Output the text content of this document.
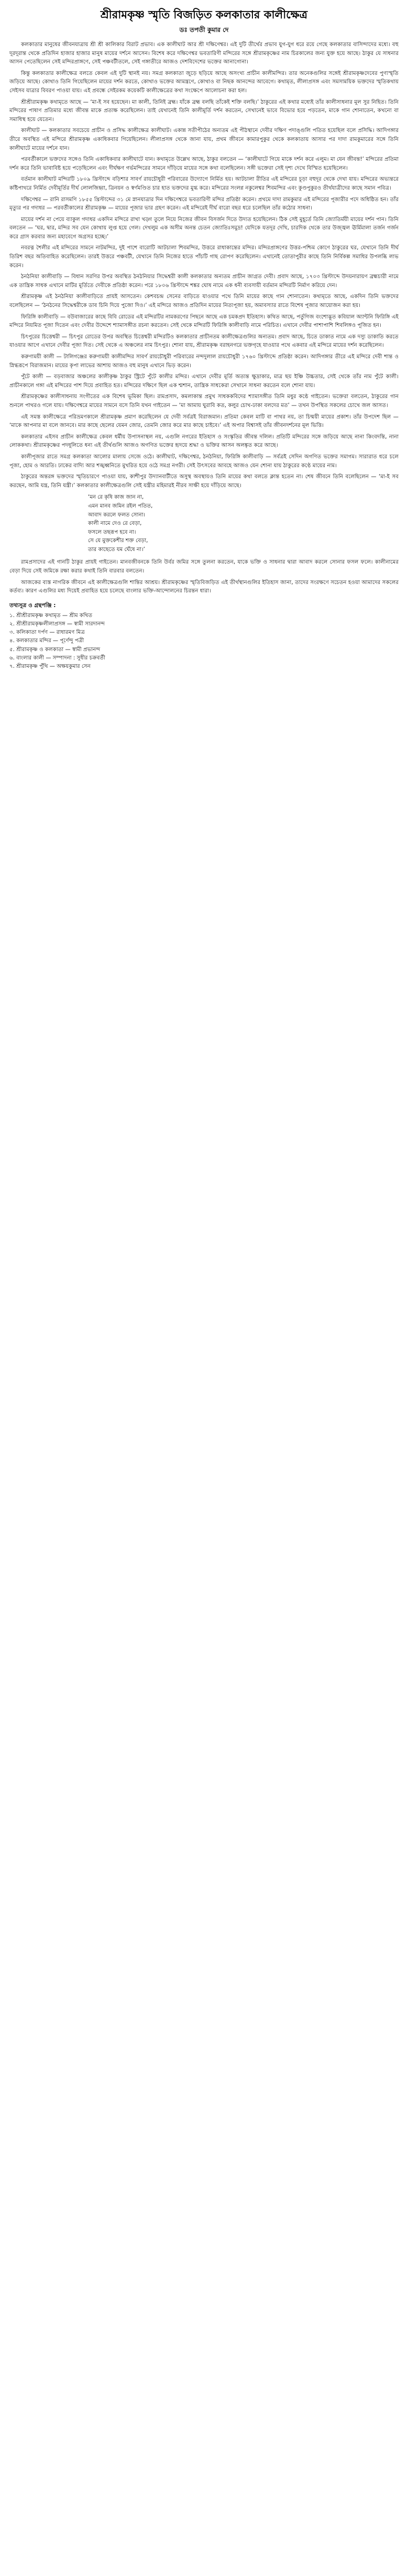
শ্রীরামকৃষ্ণ স্মৃতি বিজড়িত কলকাতার কালীক্ষেত্র
ডঃ তপতী কুমার দে

কলকাতার মানুষের জীবনযাত্রায় শ্রী শ্রী কালিকার বিরাট প্রভাব। এক কালীঘাট আর শ্রী দক্ষিণেশ্বর। এই দুটি তীর্থের প্রভাব যুগ-যুগ ধরে রয়ে গেছে কলকাতার বাসিন্দাদের মধ্যে। বহু দূরদূরান্ত থেকে প্রতিদিন হাজার হাজার মানুষ মায়ের দর্শনে আসেন। বিশেষ করে দক্ষিণেশ্বর ভবতারিণী মন্দিরের সঙ্গে শ্রীরামকৃষ্ণের নাম চিরকালের জন্য যুক্ত হয়ে আছে। ঠাকুর যে সাধনার আসন পেতেছিলেন সেই মন্দিরপ্রাঙ্গণে, সেই পঞ্চবটীতলে, সেই গঙ্গাতীরে আজও দেশবিদেশের ভক্তের আনাগোনা।

কিন্তু কলকাতার কালীক্ষেত্র বলতে কেবল এই দুটি স্থানই নয়। সমগ্র কলকাতা জুড়ে ছড়িয়ে আছে অসংখ্য প্রাচীন কালীমন্দির। তার অনেকগুলির সঙ্গেই শ্রীরামকৃষ্ণদেবের পুণ্যস্মৃতি জড়িয়ে আছে। কোথাও তিনি গিয়েছিলেন মায়ের দর্শন করতে, কোথাও ভক্তের আমন্ত্রণে, কোথাও বা নিছক আনন্দের আবেগে। কথামৃত, লীলাপ্রসঙ্গ এবং সমসাময়িক ভক্তদের স্মৃতিকথায় সেইসব যাত্রার বিবরণ পাওয়া যায়। এই প্রবন্ধে সেইরকম কয়েকটি কালীক্ষেত্রের কথা সংক্ষেপে আলোচনা করা হল।

শ্রীশ্রীরামকৃষ্ণ কথামৃতে আছে — ‘মা-ই সব হয়েছেন। মা কালী, তিনিই ব্রহ্ম। যাঁকে ব্রহ্ম বলছি তাঁকেই শক্তি বলছি।’ ঠাকুরের এই কথার মধ্যেই তাঁর কালীসাধনার মূল সুর নিহিত। তিনি মন্দিরের পাষাণ প্রতিমার মধ্যে জীবন্ত মাকে প্রত্যক্ষ করেছিলেন। তাই যেখানেই তিনি কালীমূর্তি দর্শন করতেন, সেখানেই ভাবে বিভোর হয়ে পড়তেন, মাকে গান শোনাতেন, কখনো বা সমাধিস্থ হয়ে যেতেন।

কালীঘাট — কলকাতার সবচেয়ে প্রাচীন ও প্রসিদ্ধ কালীক্ষেত্র কালীঘাট। একান্ন সতীপীঠের অন্যতম এই পীঠস্থানে দেবীর দক্ষিণ পদাঙ্গুলি পতিত হয়েছিল বলে প্রসিদ্ধি। আদিগঙ্গার তীরে অবস্থিত এই মন্দিরে শ্রীরামকৃষ্ণ একাধিকবার গিয়েছিলেন। লীলাপ্রসঙ্গ থেকে জানা যায়, প্রথম জীবনে কামারপুকুর থেকে কলকাতায় আসার পর দাদা রামকুমারের সঙ্গে তিনি কালীঘাটে মায়ের দর্শনে যান।

পরবর্তীকালে ভক্তদের সঙ্গেও তিনি একাধিকবার কালীঘাটে যান। কথামৃতে উল্লেখ আছে, ঠাকুর বলতেন — ‘কালীঘাটে গিয়ে মাকে দর্শন করে এলুম। মা যেন জীবন্ত!’ মন্দিরের প্রতিমা দর্শন করে তিনি ভাবাবিষ্ট হয়ে পড়েছিলেন এবং দীর্ঘক্ষণ গর্ভমন্দিরের সামনে দাঁড়িয়ে মায়ের সঙ্গে কথা বলেছিলেন। সঙ্গী ভক্তেরা সেই দৃশ্য দেখে বিস্মিত হয়েছিলেন।

বর্তমান কালীঘাট মন্দিরটি ১৮০৯ খ্রিস্টাব্দে বড়িশার সাবর্ণ রায়চৌধুরী পরিবারের উদ্যোগে নির্মিত হয়। আটচালা রীতির এই মন্দিরের চূড়া বহুদূর থেকে দেখা যায়। মন্দিরের অভ্যন্তরে কষ্টিপাথরে নির্মিত দেবীমূর্তির দীর্ঘ লোলজিহ্বা, ত্রিনয়ন ও স্বর্ণমণ্ডিত চার হাত ভক্তদের মুগ্ধ করে। মন্দিরের সংলগ্ন নকুলেশ্বর শিবমন্দির এবং কুণ্ডপুকুরও তীর্থযাত্রীদের কাছে সমান পবিত্র।

দক্ষিণেশ্বর — রানি রাসমণি ১৮৫৫ খ্রিস্টাব্দের ৩১ মে স্নানযাত্রার দিন দক্ষিণেশ্বরে ভবতারিণী মন্দির প্রতিষ্ঠা করেন। প্রথমে দাদা রামকুমার এই মন্দিরের পূজারীর পদে অধিষ্ঠিত হন। তাঁর মৃত্যুর পর গদাধর — পরবর্তীকালের শ্রীরামকৃষ্ণ — মায়ের পূজার ভার গ্রহণ করেন। এই মন্দিরেই দীর্ঘ বারো বছর ধরে চলেছিল তাঁর কঠোর সাধনা।

মায়ের দর্শন না পেয়ে ব্যাকুল গদাধর একদিন মন্দিরে রাখা খড়্গ তুলে নিয়ে নিজের জীবন বিসর্জন দিতে উদ্যত হয়েছিলেন। ঠিক সেই মুহূর্তে তিনি জ্যোতির্ময়ী মায়ের দর্শন পান। তিনি বলতেন — ‘ঘর, দ্বার, মন্দির সব যেন কোথায় লুপ্ত হয়ে গেল। দেখলুম এক অসীম অনন্ত চেতন জ্যোতিঃসমুদ্র! যেদিকে যতদূর দেখি, চারদিক থেকে তার উজ্জ্বল ঊর্মিমালা তর্জন গর্জন করে গ্রাস করবার জন্য মহাবেগে অগ্রসর হচ্ছে।’

নবরত্ন শৈলীর এই মন্দিরের সামনে নাটমন্দির, দুই পাশে বারোটি আটচালা শিবমন্দির, উত্তরে রাধাকান্তের মন্দির। মন্দিরপ্রাঙ্গণের উত্তর-পশ্চিম কোণে ঠাকুরের ঘর, যেখানে তিনি দীর্ঘ তিরিশ বছর অতিবাহিত করেছিলেন। তারই উত্তরে পঞ্চবটী, যেখানে তিনি নিজের হাতে পাঁচটি গাছ রোপণ করেছিলেন। এখানেই তোতাপুরীর কাছে তিনি নির্বিকল্প সমাধির উপলব্ধি লাভ করেন।

ঠনঠনিয়া কালীবাড়ি — বিধান সরণির উপর অবস্থিত ঠনঠনিয়ার সিদ্ধেশ্বরী কালী কলকাতার অন্যতম প্রাচীন জাগ্রত দেবী। প্রবাদ আছে, ১৭০৩ খ্রিস্টাব্দে উদয়নারায়ণ ব্রহ্মচারী নামে এক তান্ত্রিক সাধক এখানে মাটির মূর্তিতে দেবীকে প্রতিষ্ঠা করেন। পরে ১৮০৬ খ্রিস্টাব্দে শঙ্কর ঘোষ নামে এক ধনী ব্যবসায়ী বর্তমান মন্দিরটি নির্মাণ করিয়ে দেন।

শ্রীরামকৃষ্ণ এই ঠনঠনিয়া কালীবাড়িতে প্রায়ই আসতেন। কেশবচন্দ্র সেনের বাড়িতে যাওয়ার পথে তিনি মায়ের কাছে গান শোনাতেন। কথামৃতে আছে, একদিন তিনি ভক্তদের বলেছিলেন — ‘ঠনঠনের সিদ্ধেশ্বরীকে ডাব চিনি দিয়ে পুজো দিও।’ এই মন্দিরে আজও প্রতিদিন মায়ের নিত্যপূজা হয়, অমাবস্যার রাতে বিশেষ পূজার আয়োজন করা হয়।

ফিরিঙ্গি কালীবাড়ি — বউবাজারের কাছে বিবি রোডের এই মন্দিরটির নামকরণের পিছনে আছে এক চমকপ্রদ ইতিহাস। কথিত আছে, পর্তুগিজ বংশোদ্ভূত কবিয়াল অ্যান্টনি ফিরিঙ্গি এই মন্দিরে নিয়মিত পূজা দিতেন এবং দেবীর উদ্দেশে শ্যামাসঙ্গীত রচনা করতেন। সেই থেকে মন্দিরটি ফিরিঙ্গি কালীবাড়ি নামে পরিচিত। এখানে দেবীর পাশাপাশি শিবলিঙ্গও পূজিত হন।

চিৎপুরের চিত্তেশ্বরী — চিৎপুর রোডের উপর অবস্থিত চিত্তেশ্বরী মন্দিরটিও কলকাতার প্রাচীনতম কালীক্ষেত্রগুলির অন্যতম। প্রবাদ আছে, চিতে ডাকাত নামে এক দস্যু ডাকাতি করতে যাওয়ার আগে এখানে দেবীর পূজা দিত। সেই থেকে এ অঞ্চলের নাম চিৎপুর। শোনা যায়, শ্রীরামকৃষ্ণ বরাহনগরে ভক্তগৃহে যাওয়ার পথে একবার এই মন্দিরে মায়ের দর্শন করেছিলেন।

করুণাময়ী কালী — টালিগঞ্জের করুণাময়ী কালীমন্দির সাবর্ণ রায়চৌধুরী পরিবারের নন্দদুলাল রায়চৌধুরী ১৭৬০ খ্রিস্টাব্দে প্রতিষ্ঠা করেন। আদিগঙ্গার তীরে এই মন্দিরে দেবী শান্ত ও স্নিগ্ধরূপে বিরাজমান। মায়ের কৃপা লাভের আশায় আজও বহু মানুষ এখানে ভিড় করেন।

পুঁটে কালী — বড়বাজার অঞ্চলের কালীকৃষ্ণ ঠাকুর স্ট্রিটে পুঁটে কালীর মন্দির। এখানে দেবীর মূর্তি অত্যন্ত ক্ষুদ্রাকার, মাত্র ছয় ইঞ্চি উচ্চতার, সেই থেকে তাঁর নাম পুঁটে কালী। প্রাচীনকালে গঙ্গা এই মন্দিরের পাশ দিয়ে প্রবাহিত হত। মন্দিরের দক্ষিণে ছিল এক শ্মশান, তান্ত্রিক সাধকেরা সেখানে সাধনা করতেন বলে শোনা যায়।

শ্রীরামকৃষ্ণের কালীসাধনায় সংগীতের এক বিশেষ ভূমিকা ছিল। রামপ্রসাদ, কমলাকান্ত প্রমুখ সাধককবিদের শ্যামাসঙ্গীত তিনি মধুর কণ্ঠে গাইতেন। ভক্তেরা বলতেন, ঠাকুরের গান শুনলে পাথরও গলে যায়। দক্ষিণেশ্বরে মায়ের সামনে বসে তিনি যখন গাইতেন — ‘মা আমায় ঘুরাবি কত, কলুর চোখ-ঢাকা বলদের মত’ — তখন উপস্থিত সকলের চোখে জল আসত।

এই সমস্ত কালীক্ষেত্রে পরিভ্রমণকালে শ্রীরামকৃষ্ণ প্রমাণ করেছিলেন যে দেবী সর্বত্রই বিরাজমান। প্রতিমা কেবল মাটি বা পাথর নয়, তা চিন্ময়ী মায়ের প্রকাশ। তাঁর উপদেশ ছিল — ‘মাকে আপনার মা বলে জানবে। মার কাছে ছেলের যেমন জোর, তেমনি জোর করে মার কাছে চাইবে।’ এই অপার বিশ্বাসই তাঁর জীবনদর্শনের মূল ভিত্তি।

কলকাতার এইসব প্রাচীন কালীক্ষেত্র কেবল ধর্মীয় উপাসনাস্থল নয়, এগুলি নগরের ইতিহাস ও সংস্কৃতির জীবন্ত দলিল। প্রতিটি মন্দিরের সঙ্গে জড়িয়ে আছে নানা কিংবদন্তি, নানা লোককথা। শ্রীরামকৃষ্ণের পদধূলিতে ধন্য এই তীর্থগুলি আজও অগণিত ভক্তের হৃদয়ে শ্রদ্ধা ও ভক্তির আসন অলঙ্কৃত করে আছে।

কালীপূজার রাতে সমগ্র কলকাতা আলোর মালায় সেজে ওঠে। কালীঘাট, দক্ষিণেশ্বর, ঠনঠনিয়া, ফিরিঙ্গি কালীবাড়ি — সর্বত্রই সেদিন অগণিত ভক্তের সমাগম। সারারাত ধরে চলে পূজা, হোম ও আরতি। ঢাকের বাদ্যি আর শঙ্খধ্বনিতে মুখরিত হয়ে ওঠে সমগ্র নগরী। সেই উৎসবের আবহে আজও যেন শোনা যায় ঠাকুরের কণ্ঠে মায়ের নাম।

ঠাকুরের অন্তরঙ্গ ভক্তদের স্মৃতিচারণে পাওয়া যায়, কাশীপুর উদ্যানবাটীতে অসুস্থ অবস্থায়ও তিনি মায়ের কথা বলতে ক্লান্ত হতেন না। শেষ জীবনে তিনি বলেছিলেন — ‘মা-ই সব করছেন, আমি যন্ত্র, তিনি যন্ত্রী।’ কলকাতার কালীক্ষেত্রগুলি সেই যন্ত্রীর মহিমারই নীরব সাক্ষী হয়ে দাঁড়িয়ে আছে।

‘মন রে কৃষি কাজ জান না,
এমন মানব জমিন রইল পতিত,
আবাদ করলে ফলত সোনা।
কালী নামে দেও রে বেড়া,
ফসলে তছরূপ হবে না।
সে যে মুক্তকেশীর শক্ত বেড়া,
তার কাছেতে যম ঘেঁষে না।’

রামপ্রসাদের এই গানটি ঠাকুর প্রায়ই গাইতেন। মানবজীবনকে তিনি উর্বর জমির সঙ্গে তুলনা করতেন, যাকে ভক্তি ও সাধনার দ্বারা আবাদ করলে সোনার ফসল ফলে। কালীনামের বেড়া দিয়ে সেই জমিকে রক্ষা করার কথাই তিনি বারবার বলতেন।

আজকের ব্যস্ত নাগরিক জীবনে এই কালীক্ষেত্রগুলি শান্তির আশ্রয়। শ্রীরামকৃষ্ণের স্মৃতিবিজড়িত এই তীর্থস্থানগুলির ইতিহাস জানা, তাদের সংরক্ষণে সচেতন হওয়া আমাদের সকলের কর্তব্য। কারণ এগুলির মধ্য দিয়েই প্রবাহিত হয়ে চলেছে বাংলার ভক্তি-আন্দোলনের চিরন্তন ধারা।

তথ্যসূত্র ও গ্রন্থপঞ্জি :
১. শ্রীশ্রীরামকৃষ্ণ কথামৃত — শ্রীম কথিত
২. শ্রীশ্রীরামকৃষ্ণলীলাপ্রসঙ্গ — স্বামী সারদানন্দ
৩. কলিকাতা দর্পণ — রাধারমণ মিত্র
৪. কলকাতার মন্দির — পূর্ণেন্দু পত্রী
৫. শ্রীরামকৃষ্ণ ও কলকাতা — স্বামী প্রভানন্দ
৬. বাংলার কালী — সম্পাদনা : সুধীর চক্রবর্তী
৭. শ্রীরামকৃষ্ণ পুঁথি — অক্ষয়কুমার সেন
